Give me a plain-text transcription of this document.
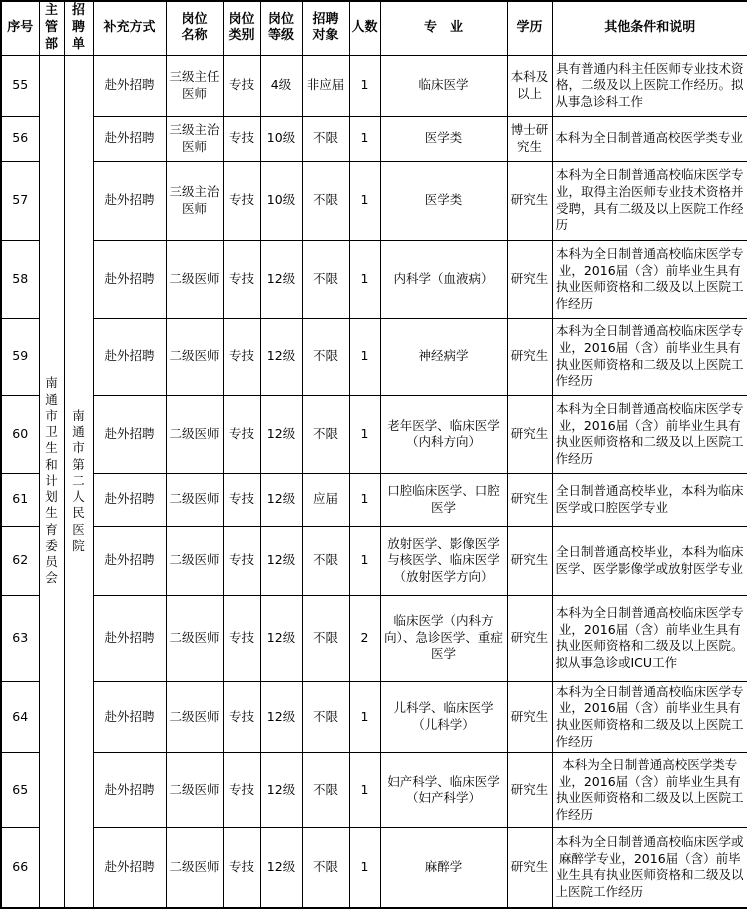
序号	主管部	招聘单	补充方式	岗位名称	岗位类别	岗位等级	招聘对象	人数	专　业	学历	其他条件和说明
55	南通市卫生和计划生育委员会	南通市第二人民医院	赴外招聘	三级主任医师	专技	4级	非应届	1	临床医学	本科及以上	具有普通内科主任医师专业技术资格，二级及以上医院工作经历。拟从事急诊科工作
56			赴外招聘	三级主治医师	专技	10级	不限	1	医学类	博士研究生	本科为全日制普通高校医学类专业
57			赴外招聘	三级主治医师	专技	10级	不限	1	医学类	研究生	本科为全日制普通高校临床医学专业，取得主治医师专业技术资格并受聘，具有二级及以上医院工作经历
58			赴外招聘	二级医师	专技	12级	不限	1	内科学（血液病）	研究生	本科为全日制普通高校临床医学专业，2016届（含）前毕业生具有执业医师资格和二级及以上医院工作经历
59			赴外招聘	二级医师	专技	12级	不限	1	神经病学	研究生	本科为全日制普通高校临床医学专业，2016届（含）前毕业生具有执业医师资格和二级及以上医院工作经历
60			赴外招聘	二级医师	专技	12级	不限	1	老年医学、临床医学（内科方向）	研究生	本科为全日制普通高校临床医学专业，2016届（含）前毕业生具有执业医师资格和二级及以上医院工作经历
61			赴外招聘	二级医师	专技	12级	应届	1	口腔临床医学、口腔医学	研究生	全日制普通高校毕业，本科为临床医学或口腔医学专业
62			赴外招聘	二级医师	专技	12级	不限	1	放射医学、影像医学与核医学、临床医学（放射医学方向）	研究生	全日制普通高校毕业，本科为临床医学、医学影像学或放射医学专业
63			赴外招聘	二级医师	专技	12级	不限	2	临床医学（内科方向）、急诊医学、重症医学	研究生	本科为全日制普通高校临床医学专业，2016届（含）前毕业生具有执业医师资格和二级及以上医院。拟从事急诊或ICU工作
64			赴外招聘	二级医师	专技	12级	不限	1	儿科学、临床医学（儿科学）	研究生	本科为全日制普通高校临床医学专业，2016届（含）前毕业生具有执业医师资格和二级及以上医院工作经历
65			赴外招聘	二级医师	专技	12级	不限	1	妇产科学、临床医学（妇产科学）	研究生	本科为全日制普通高校医学类专业，2016届（含）前毕业生具有执业医师资格和二级及以上医院工作经历
66			赴外招聘	二级医师	专技	12级	不限	1	麻醉学	研究生	本科为全日制普通高校临床医学或麻醉学专业，2016届（含）前毕业生具有执业医师资格和二级及以上医院工作经历
